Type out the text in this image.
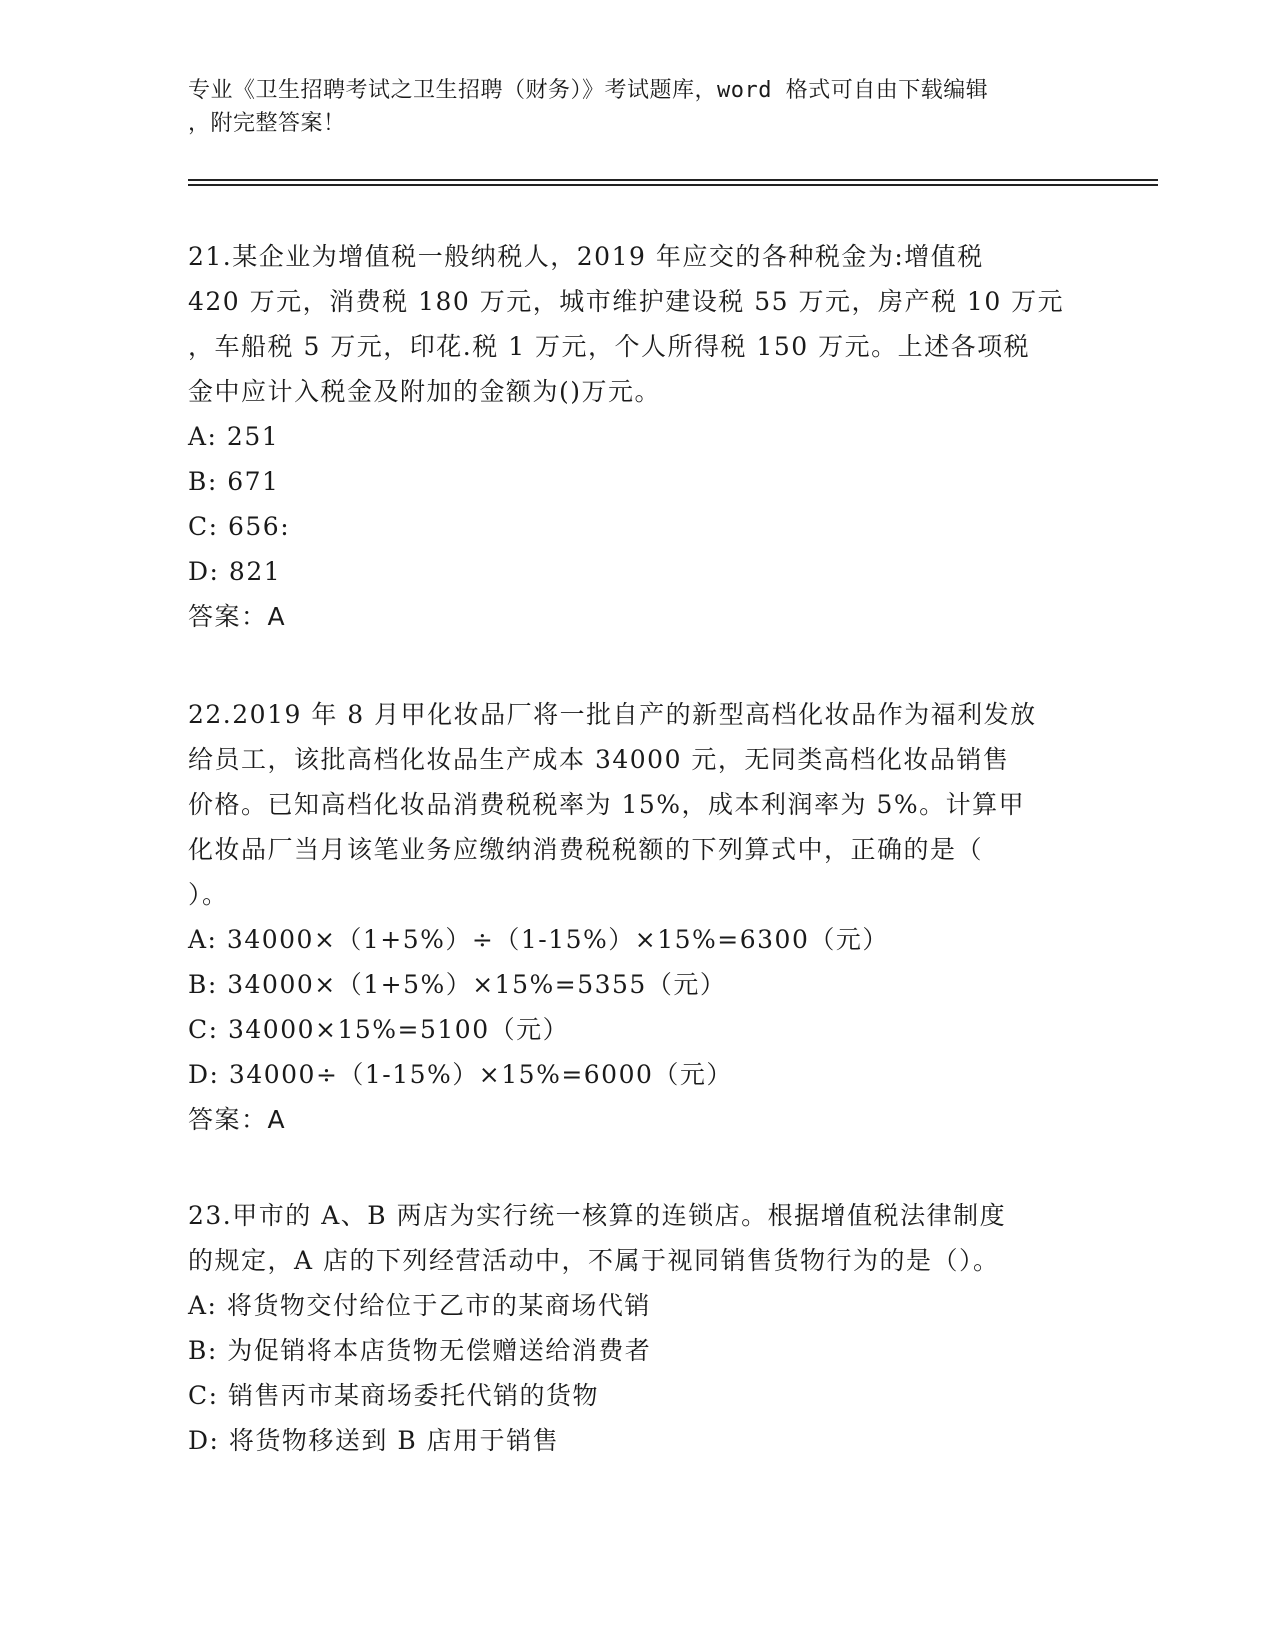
专业《卫生招聘考试之卫生招聘（财务）》考试题库，word 格式可自由下载编辑
，附完整答案！

21.某企业为增值税一般纳税人，2019 年应交的各种税金为:增值税

420 万元，消费税 180 万元，城市维护建设税 55 万元，房产税 10 万元

，车船税 5 万元，印花.税 1 万元，个人所得税 150 万元。上述各项税

金中应计入税金及附加的金额为()万元。

A: 251

B: 671

C: 656:

D: 821

答案：A

22.2019 年 8 月甲化妆品厂将一批自产的新型高档化妆品作为福利发放

给员工，该批高档化妆品生产成本 34000 元，无同类高档化妆品销售

价格。已知高档化妆品消费税税率为 15%，成本利润率为 5%。计算甲

化妆品厂当月该笔业务应缴纳消费税税额的下列算式中，正确的是（

）。

A: 34000×（1+5%）÷（1-15%）×15%=6300（元）

B: 34000×（1+5%）×15%=5355（元）

C: 34000×15%=5100（元）

D: 34000÷（1-15%）×15%=6000（元）

答案：A

23.甲市的 A、B 两店为实行统一核算的连锁店。根据增值税法律制度

的规定，A 店的下列经营活动中，不属于视同销售货物行为的是（）。

A: 将货物交付给位于乙市的某商场代销

B: 为促销将本店货物无偿赠送给消费者

C: 销售丙市某商场委托代销的货物

D: 将货物移送到 B 店用于销售
